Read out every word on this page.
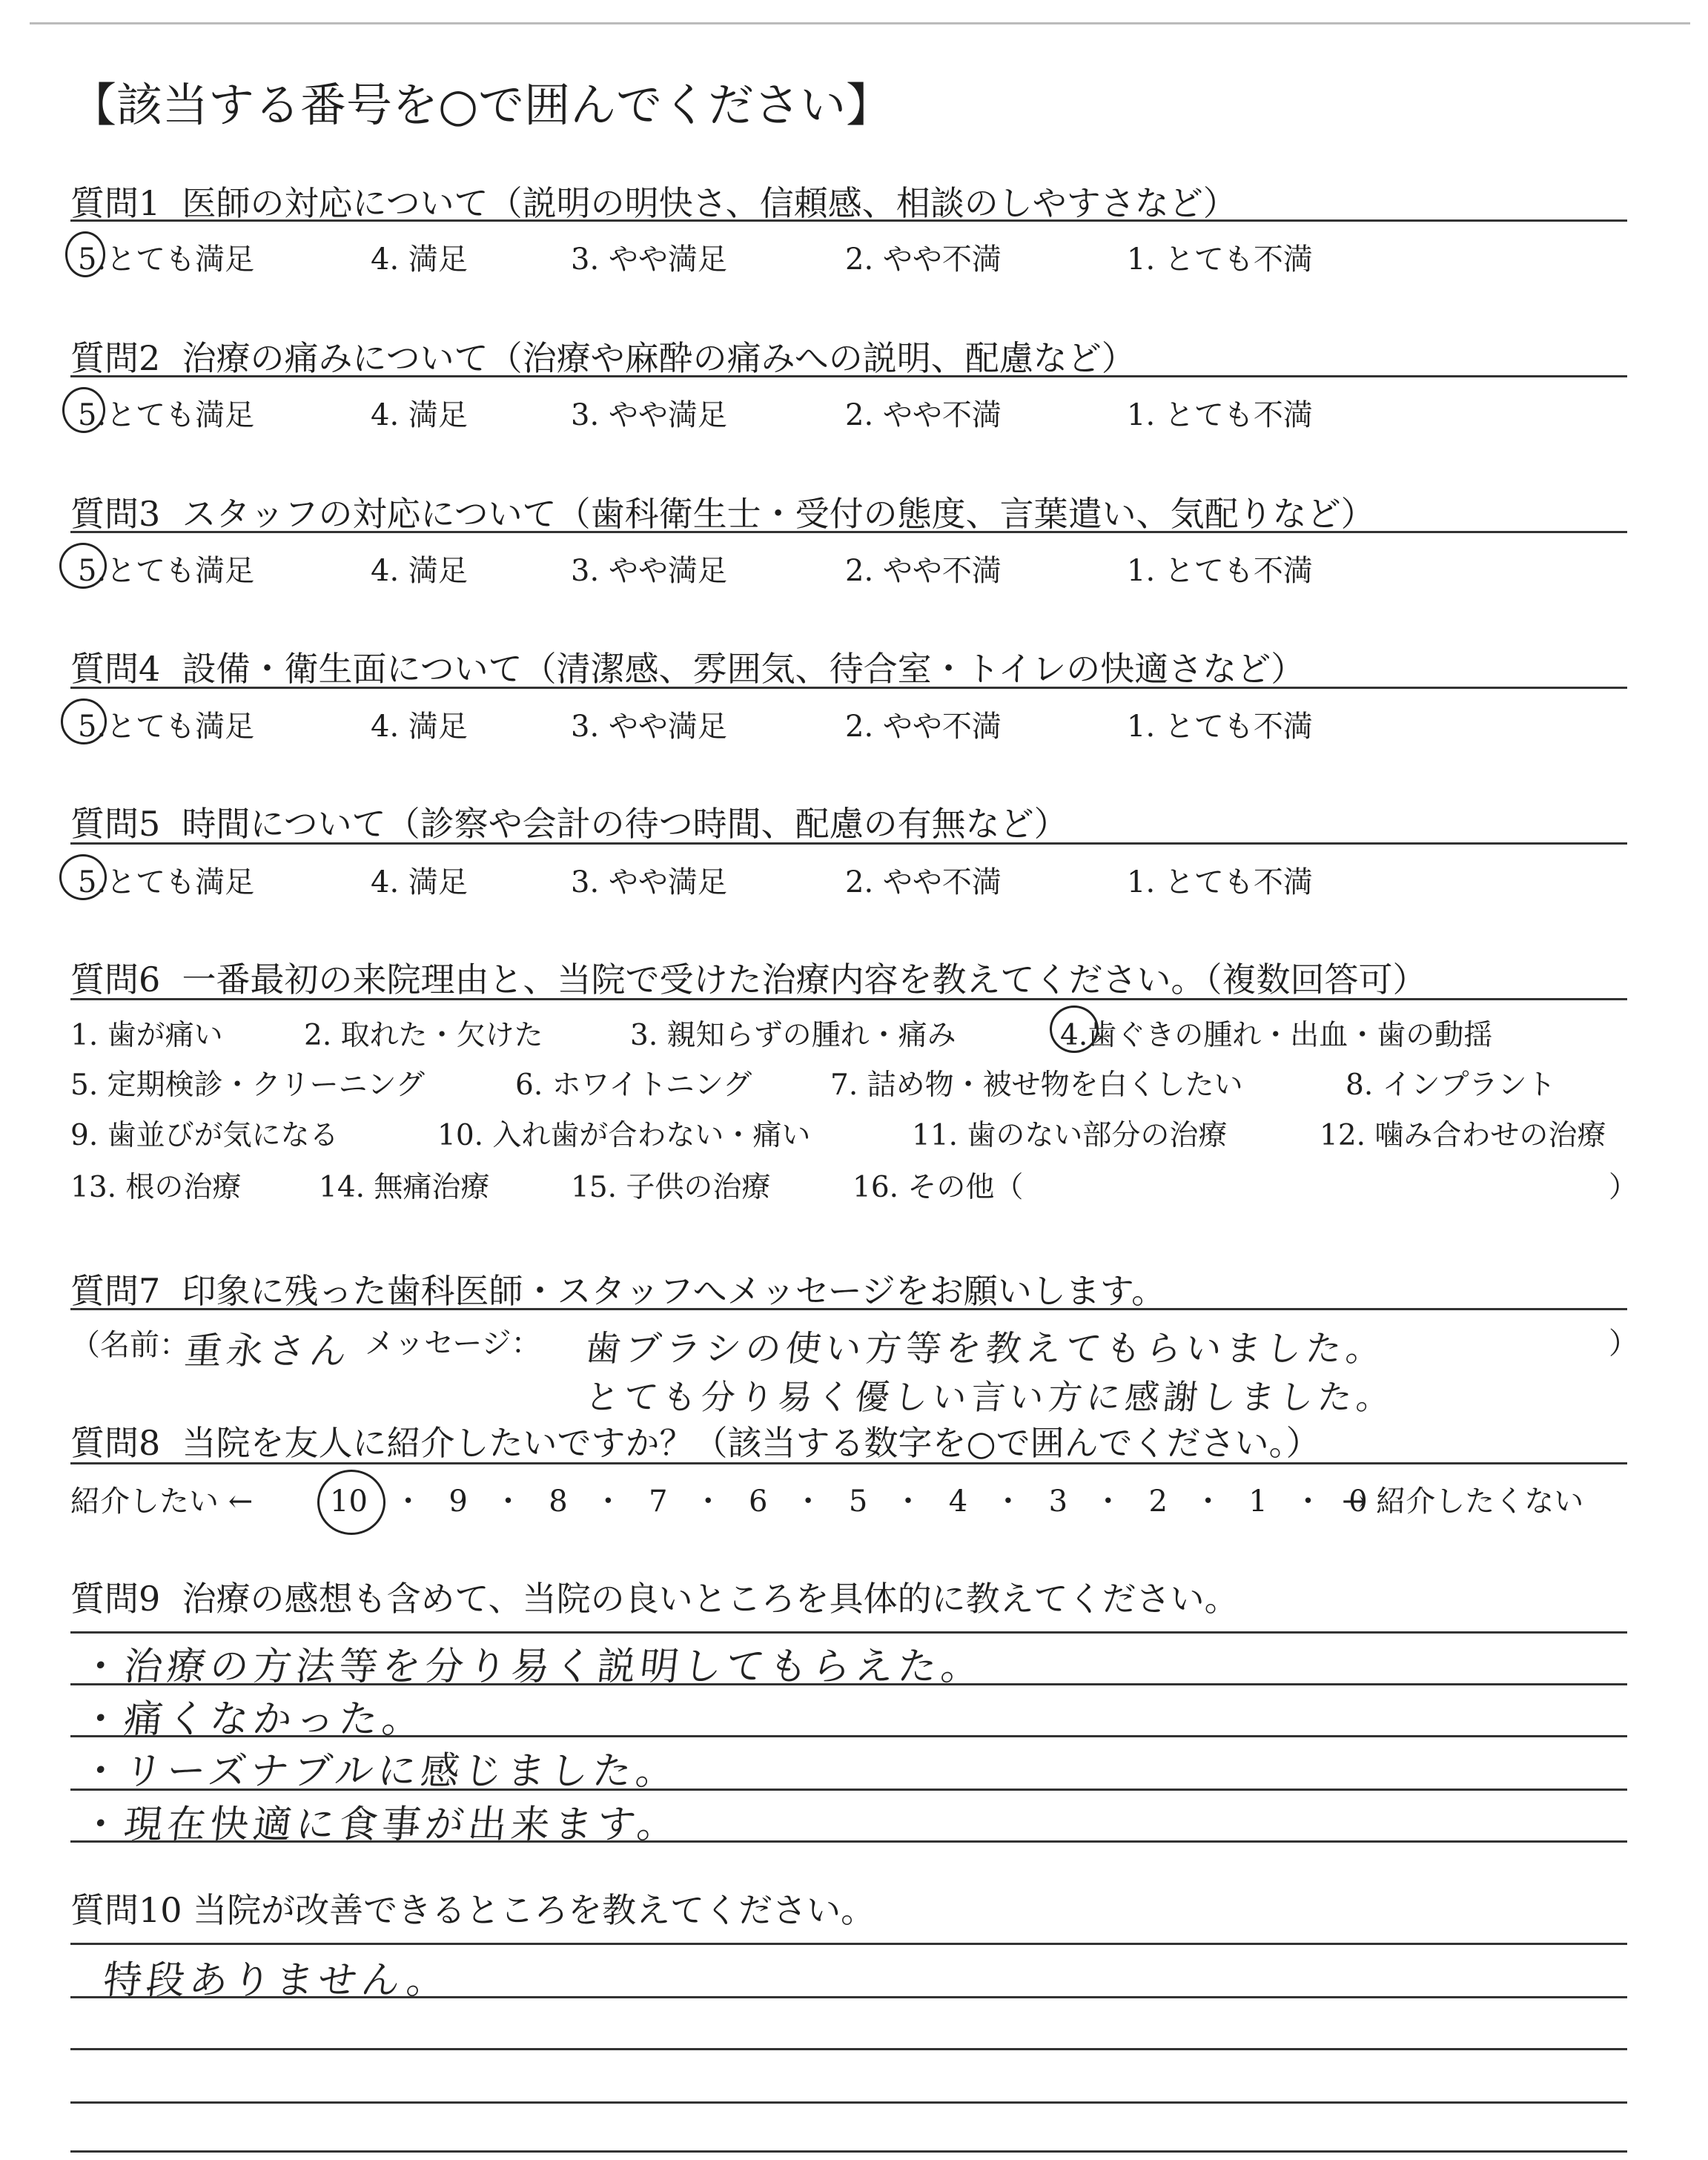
【該当する番号を○で囲んでください】
質問1 医師の対応について（説明の明快さ、信頼感、相談のしやすさなど）
5.とても満足	4. 満足	3. やや満足	2. やや不満	1. とても不満
質問2 治療の痛みについて（治療や麻酔の痛みへの説明、配慮など）
5.とても満足	4. 満足	3. やや満足	2. やや不満	1. とても不満
質問3 スタッフの対応について（歯科衛生士・受付の態度、言葉遣い、気配りなど）
5.とても満足	4. 満足	3. やや満足	2. やや不満	1. とても不満
質問4 設備・衛生面について（清潔感、雰囲気、待合室・トイレの快適さなど）
5.とても満足	4. 満足	3. やや満足	2. やや不満	1. とても不満
質問5 時間について（診察や会計の待つ時間、配慮の有無など）
5.とても満足	4. 満足	3. やや満足	2. やや不満	1. とても不満
質問6 一番最初の来院理由と、当院で受けた治療内容を教えてください。（複数回答可）
1. 歯が痛い	2. 取れた・欠けた	3. 親知らずの腫れ・痛み	4.歯ぐきの腫れ・出血・歯の動揺
5. 定期検診・クリーニング	6. ホワイトニング	7. 詰め物・被せ物を白くしたい	8. インプラント
9. 歯並びが気になる	10. 入れ歯が合わない・痛い	11. 歯のない部分の治療	12. 噛み合わせの治療
13. 根の治療	14. 無痛治療	15. 子供の治療	16. その他（	）
質問7 印象に残った歯科医師・スタッフへメッセージをお願いします。
（名前：
重永さん メッセージ： 歯ブラシの使い方等を教えてもらいました。
とても分り易く優しい言い方に感謝しました。
）
質問8 当院を友人に紹介したいですか？（該当する数字を○で囲んでください。）
紹介したい ←	10 ・ 9 ・ 8 ・ 7 ・ 6 ・ 5 ・ 4 ・ 3 ・ 2 ・ 1 ・ 0
→ 紹介したくない
質問9 治療の感想も含めて、当院の良いところを具体的に教えてください。
・治療の方法等を分り易く説明してもらえた。
・痛くなかった。
・リーズナブルに感じました。
・現在快適に食事が出来ます。
質問10 当院が改善できるところを教えてください。
特段ありません。
